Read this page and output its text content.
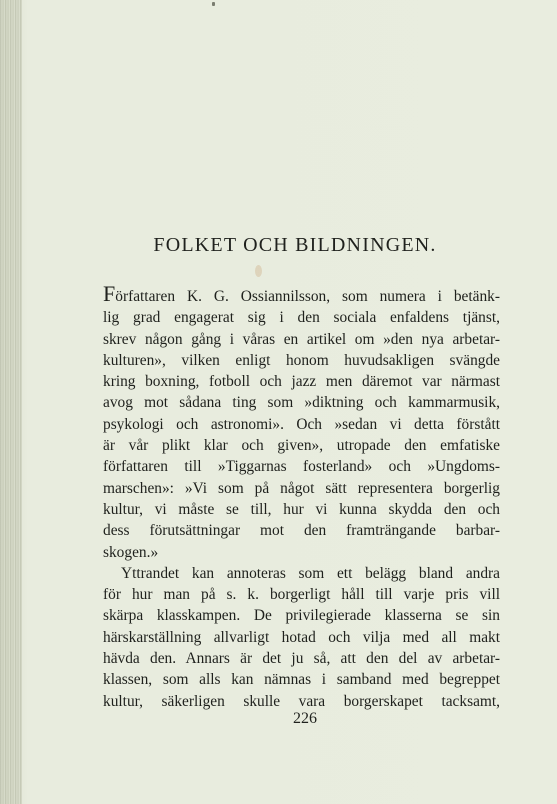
FOLKET OCH BILDNINGEN.
Författaren K. G. Ossiannilsson, som numera i betänk-
lig grad engagerat sig i den sociala enfaldens tjänst,
skrev någon gång i våras en artikel om »den nya arbetar-
kulturen», vilken enligt honom huvudsakligen svängde
kring boxning, fotboll och jazz men däremot var närmast
avog mot sådana ting som »diktning och kammarmusik,
psykologi och astronomi». Och »sedan vi detta förstått
är vår plikt klar och given», utropade den emfatiske
författaren till »Tiggarnas fosterland» och »Ungdoms-
marschen»: »Vi som på något sätt representera borgerlig
kultur, vi måste se till, hur vi kunna skydda den och
dess förutsättningar mot den framträngande barbar-
skogen.»
Yttrandet kan annoteras som ett belägg bland andra
för hur man på s. k. borgerligt håll till varje pris vill
skärpa klasskampen. De privilegierade klasserna se sin
härskarställning allvarligt hotad och vilja med all makt
hävda den. Annars är det ju så, att den del av arbetar-
klassen, som alls kan nämnas i samband med begreppet
kultur, säkerligen skulle vara borgerskapet tacksamt,
226
